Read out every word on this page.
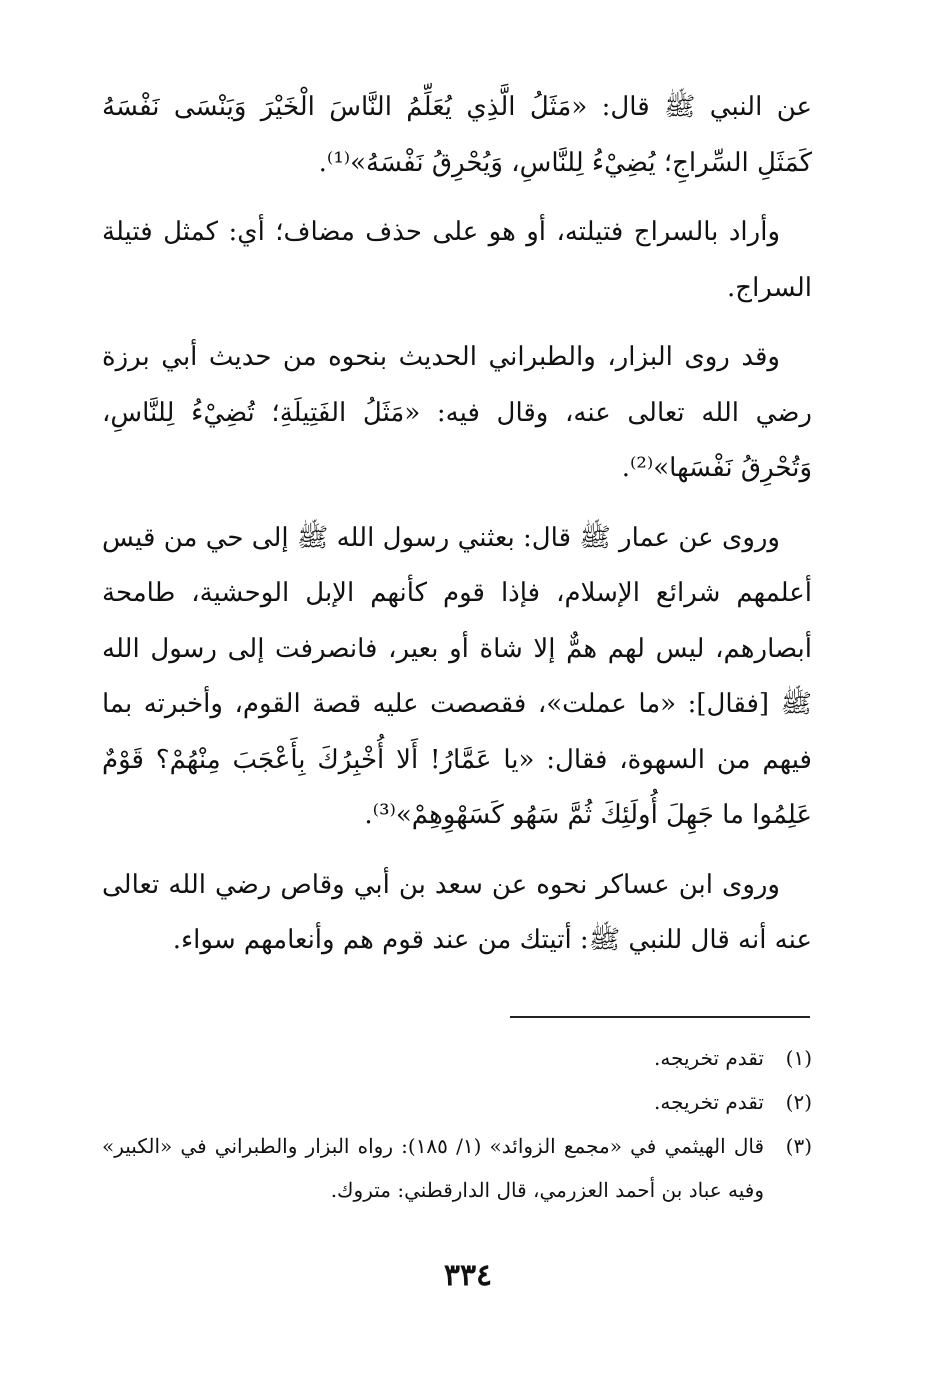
عن النبي ﷺ قال: «مَثَلُ الَّذِي يُعَلِّمُ النَّاسَ الْخَيْرَ وَيَنْسَى نَفْسَهُ كَمَثَلِ السِّراجِ؛ يُضِيْءُ لِلنَّاسِ، وَيُحْرِقُ نَفْسَهُ»⁽¹⁾.

وأراد بالسراج فتيلته، أو هو على حذف مضاف؛ أي: كمثل فتيلة السراج.

وقد روى البزار، والطبراني الحديث بنحوه من حديث أبي برزة رضي الله تعالى عنه، وقال فيه: «مَثَلُ الفَتِيلَةِ؛ تُضِيْءُ لِلنَّاسِ، وَتُحْرِقُ نَفْسَها»⁽²⁾.

وروى عن عمار ﷺ قال: بعثني رسول الله ﷺ إلى حي من قيس أعلمهم شرائع الإسلام، فإذا قوم كأنهم الإبل الوحشية، طامحة أبصارهم، ليس لهم همٌّ إلا شاة أو بعير، فانصرفت إلى رسول الله ﷺ [فقال]: «ما عملت»، فقصصت عليه قصة القوم، وأخبرته بما فيهم من السهوة، فقال: «يا عَمَّارُ! أَلا أُخْبِرُكَ بِأَعْجَبَ مِنْهُمْ؟ قَوْمٌ عَلِمُوا ما جَهِلَ أُولَئِكَ ثُمَّ سَهُو كَسَهْوِهِمْ»⁽³⁾.

وروى ابن عساكر نحوه عن سعد بن أبي وقاص رضي الله تعالى عنه أنه قال للنبي ﷺ: أتيتك من عند قوم هم وأنعامهم سواء.

(١)
تقدم تخريجه.
(٢)
تقدم تخريجه.
(٣)
قال الهيثمي في «مجمع الزوائد» (١/ ١٨٥): رواه البزار والطبراني في «الكبير» وفيه عباد بن أحمد العزرمي، قال الدارقطني: متروك.
٣٣٤
